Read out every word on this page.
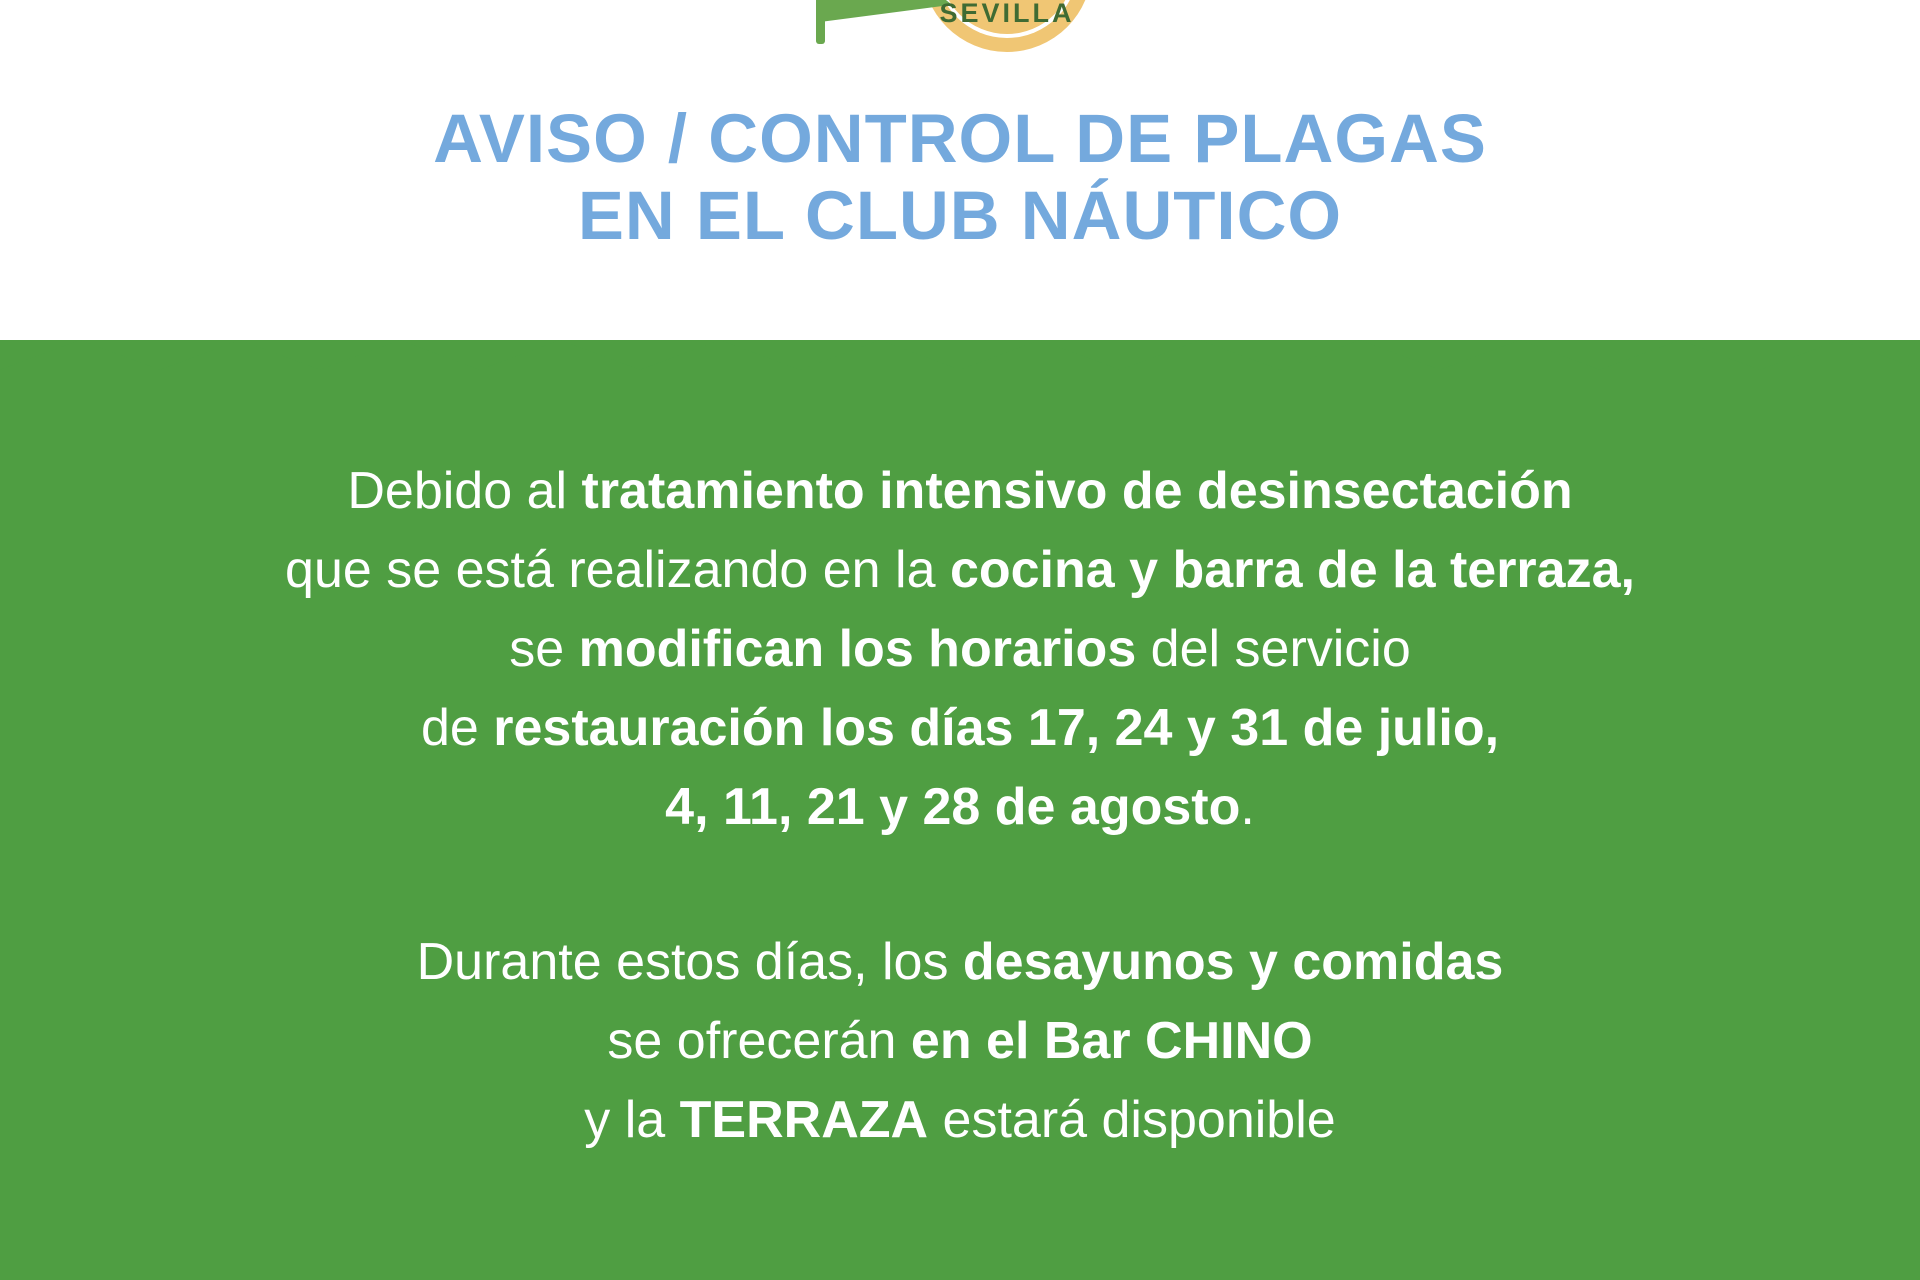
SEVILLA
AVISO / CONTROL DE PLAGAS
EN EL CLUB NÁUTICO

Debido al tratamiento intensivo de desinsectación

que se está realizando en la cocina y barra de la terraza,

se modifican los horarios del servicio

de restauración los días 17, 24 y 31 de julio,

4, 11, 21 y 28 de agosto.

Durante estos días, los desayunos y comidas

se ofrecerán en el Bar CHINO

y la TERRAZA estará disponible
